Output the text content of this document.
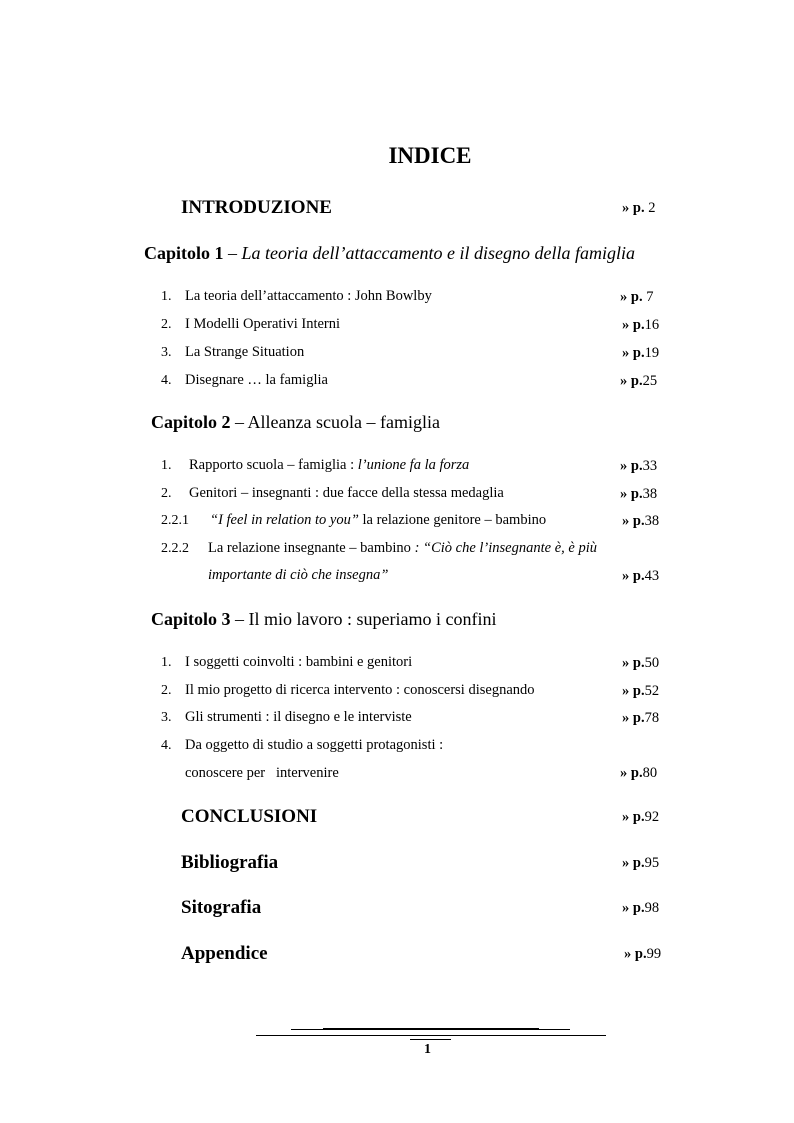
INDICE
INTRODUZIONE	» p. 2
Capitolo 1 – La teoria dell’attaccamento e il disegno della famiglia
1. La teoria dell’attaccamento : John Bowlby	» p. 7
2. I Modelli Operativi Interni	» p.16
3. La Strange Situation	» p.19
4. Disegnare … la famiglia	» p.25
Capitolo 2 – Alleanza scuola – famiglia
1. Rapporto scuola – famiglia : l’unione fa la forza	» p.33
2. Genitori – insegnanti : due facce della stessa medaglia	» p.38
2.2.1 “I feel in relation to you” la relazione genitore – bambino	» p.38
2.2.2 La relazione insegnante – bambino : “Ciò che l’insegnante è, è più
importante di ciò che insegna”	» p.43
Capitolo 3 – Il mio lavoro : superiamo i confini
1. I soggetti coinvolti : bambini e genitori	» p.50
2. Il mio progetto di ricerca intervento : conoscersi disegnando	» p.52
3. Gli strumenti : il disegno e le interviste	» p.78
4. Da oggetto di studio a soggetti protagonisti :
conoscere per   intervenire	» p.80
CONCLUSIONI	» p.92
Bibliografia	» p.95
Sitografia	» p.98
Appendice	» p.99
1
